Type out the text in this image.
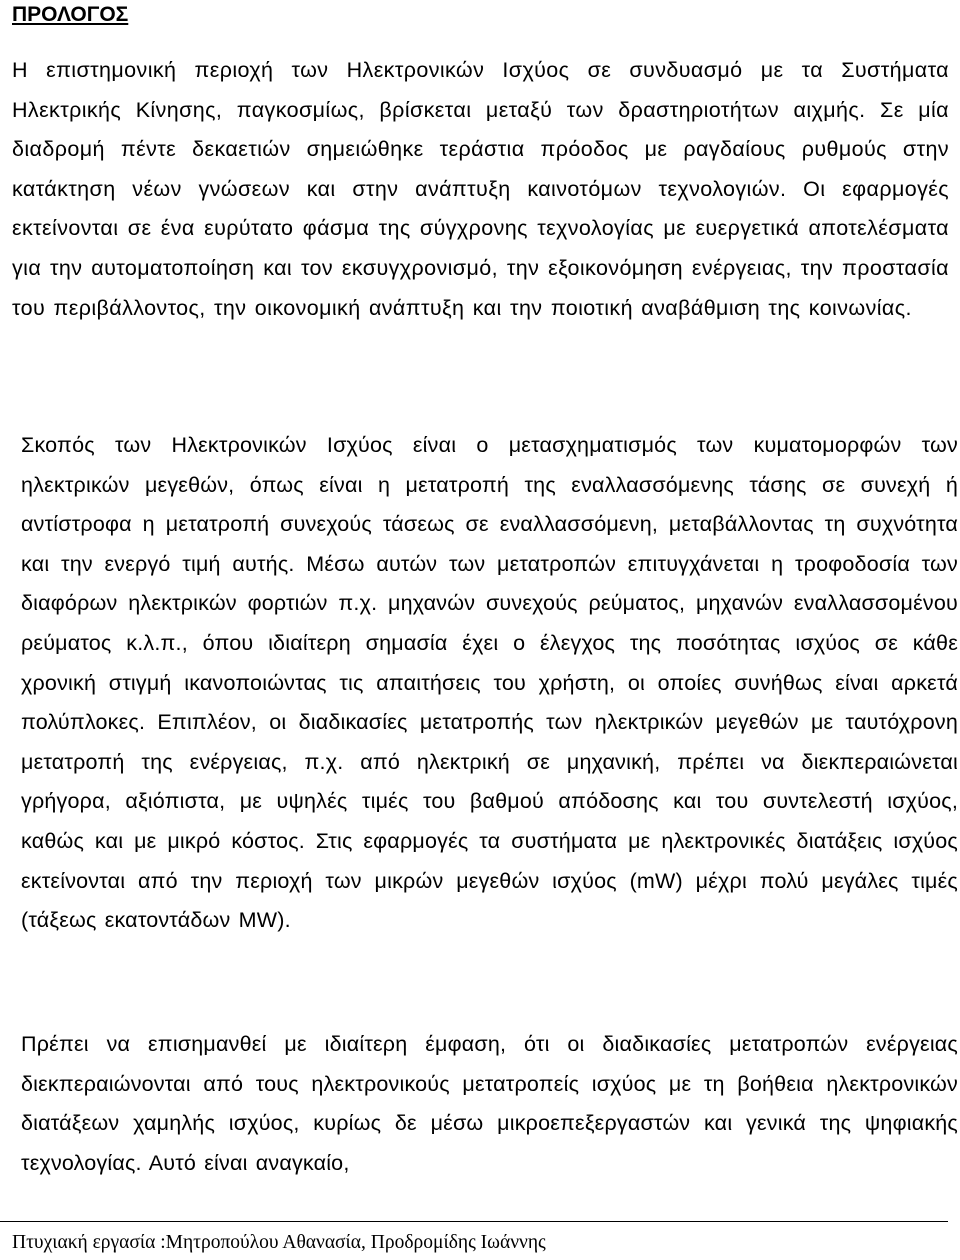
ΠΡΟΛΟΓΟΣ

Η επιστημονική περιοχή των Ηλεκτρονικών Ισχύος σε συνδυασμό με τα Συστήματα Ηλεκτρικής Κίνησης, παγκοσμίως, βρίσκεται μεταξύ των δραστηριοτήτων αιχμής. Σε μία διαδρομή πέντε δεκαετιών σημειώθηκε τεράστια πρόοδος με ραγδαίους ρυθμούς στην κατάκτηση νέων γνώσεων και στην ανάπτυξη καινοτόμων τεχνολογιών. Οι εφαρμογές εκτείνονται σε ένα ευρύτατο φάσμα της σύγχρονης τεχνολογίας με ευεργετικά αποτελέσματα για την αυτοματοποίηση και τον εκσυγχρονισμό, την εξοικονόμηση ενέργειας, την προστασία του περιβάλλοντος, την οικονομική ανάπτυξη και την ποιοτική αναβάθμιση της κοινωνίας.

Σκοπός των Ηλεκτρονικών Ισχύος είναι ο μετασχηματισμός των κυματομορφών των ηλεκτρικών μεγεθών, όπως είναι η μετατροπή της εναλλασσόμενης τάσης σε συνεχή ή αντίστροφα η μετατροπή συνεχούς τάσεως σε εναλλασσόμενη, μεταβάλλοντας τη συχνότητα και την ενεργό τιμή αυτής. Μέσω αυτών των μετατροπών επιτυγχάνεται η τροφοδοσία των διαφόρων ηλεκτρικών φορτιών π.χ. μηχανών συνεχούς ρεύματος, μηχανών εναλλασσομένου ρεύματος κ.λ.π., όπου ιδιαίτερη σημασία έχει ο έλεγχος της ποσότητας ισχύος σε κάθε χρονική στιγμή ικανοποιώντας τις απαιτήσεις του χρήστη, οι οποίες συνήθως είναι αρκετά πολύπλοκες. Επιπλέον, οι διαδικασίες μετατροπής των ηλεκτρικών μεγεθών με ταυτόχρονη μετατροπή της ενέργειας, π.χ. από ηλεκτρική σε μηχανική, πρέπει να διεκπεραιώνεται γρήγορα, αξιόπιστα, με υψηλές τιμές του βαθμού απόδοσης και του συντελεστή ισχύος, καθώς και με μικρό κόστος. Στις εφαρμογές τα συστήματα με ηλεκτρονικές διατάξεις ισχύος εκτείνονται από την περιοχή των μικρών μεγεθών ισχύος (mW) μέχρι πολύ μεγάλες τιμές (τάξεως εκατοντάδων MW).

Πρέπει να επισημανθεί με ιδιαίτερη έμφαση, ότι οι διαδικασίες μετατροπών ενέργειας διεκπεραιώνονται από τους ηλεκτρονικούς μετατροπείς ισχύος με τη βοήθεια ηλεκτρονικών διατάξεων χαμηλής ισχύος, κυρίως δε μέσω μικροεπεξεργαστών και γενικά της ψηφιακής τεχνολογίας. Αυτό είναι αναγκαίο,

Πτυχιακή εργασία :Μητροπούλου Αθανασία, Προδρομίδης Ιωάννης
